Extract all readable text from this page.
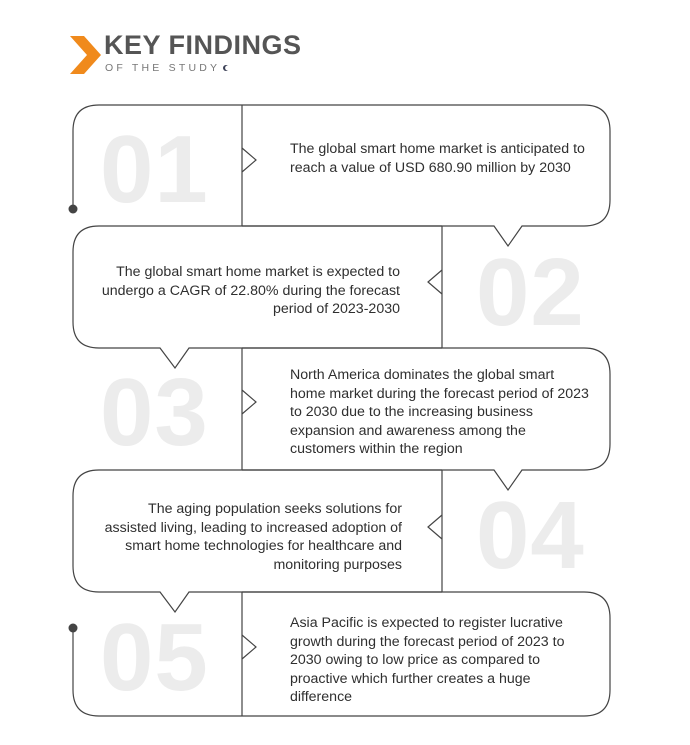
KEY FINDINGS
OF THE STUDY
01
02
03
04
05

The global smart home market is anticipated to reach a value of USD 680.90 million by 2030

The global smart home market is expected to undergo a CAGR of 22.80% during the forecast period of 2023-2030

North America dominates the global smart home market during the forecast period of 2023 to 2030 due to the increasing business expansion and awareness among the customers within the region

The aging population seeks solutions for assisted living, leading to increased adoption of smart home technologies for healthcare and monitoring purposes

Asia Pacific is expected to register lucrative growth during the forecast period of 2023 to 2030 owing to low price as compared to proactive which further creates a huge difference
